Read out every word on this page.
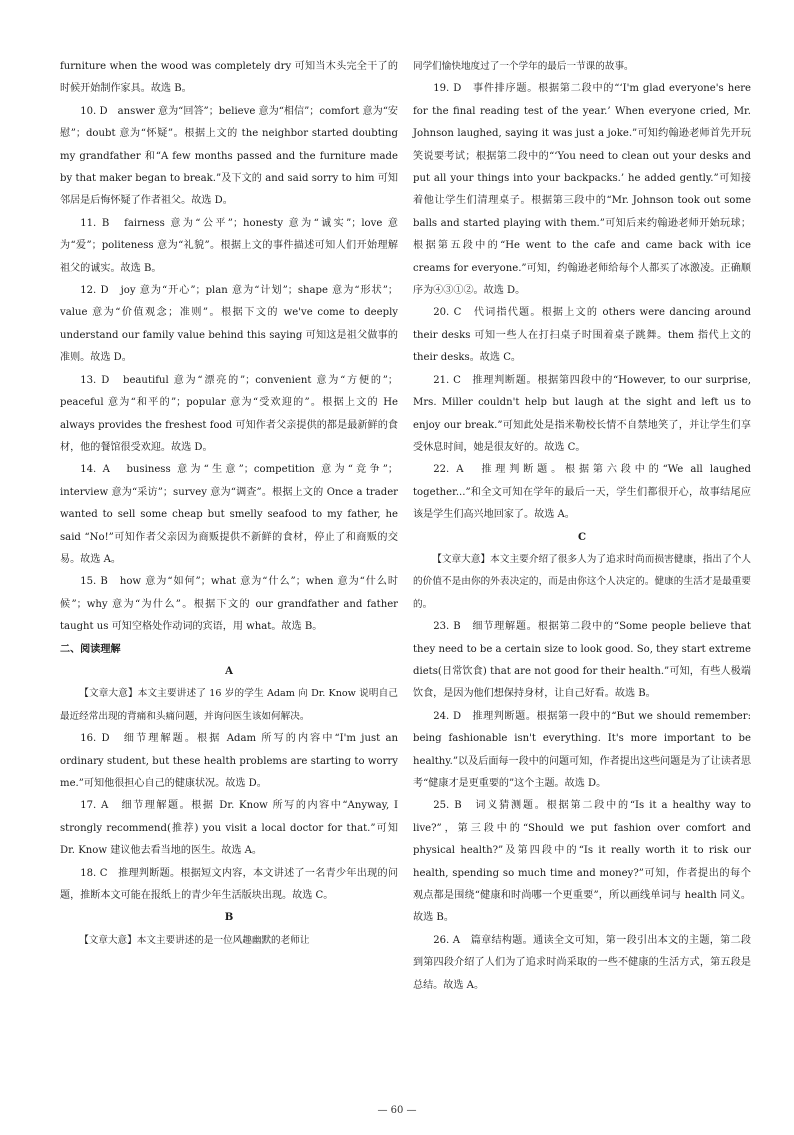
furniture when the wood was completely dry 可知当木头完全干了的时候开始制作家具。故选 B。

10. D　answer 意为“回答”；believe 意为“相信”；comfort 意为“安慰”；doubt 意为“怀疑”。根据上文的 the neighbor started doubting my grandfather 和“A few months passed and the furniture made by that maker began to break.”及下文的 and said sorry to him 可知邻居是后悔怀疑了作者祖父。故选 D。

11. B　fairness 意为“公平”；honesty 意为“诚实”；love 意为“爱”；politeness 意为“礼貌”。根据上文的事件描述可知人们开始理解祖父的诚实。故选 B。

12. D　joy 意为“开心”；plan 意为“计划”；shape 意为“形状”；value 意为“价值观念；准则”。根据下文的 we've come to deeply understand our family value behind this saying 可知这是祖父做事的准则。故选 D。

13. D　beautiful 意为“漂亮的”；convenient 意为“方便的”；peaceful 意为“和平的”；popular 意为“受欢迎的”。根据上文的 He always provides the freshest food 可知作者父亲提供的都是最新鲜的食材，他的餐馆很受欢迎。故选 D。

14. A　business 意为“生意”；competition 意为“竞争”；interview 意为“采访”；survey 意为“调查”。根据上文的 Once a trader wanted to sell some cheap but smelly seafood to my father, he said “No!”可知作者父亲因为商贩提供不新鲜的食材，停止了和商贩的交易。故选 A。

15. B　how 意为“如何”；what 意为“什么”；when 意为“什么时候”；why 意为“为什么”。根据下文的 our grandfather and father taught us 可知空格处作动词的宾语，用 what。故选 B。

二、阅读理解

A

【文章大意】本文主要讲述了 16 岁的学生 Adam 向 Dr. Know 说明自己最近经常出现的背痛和头痛问题，并询问医生该如何解决。

16. D　细节理解题。根据 Adam 所写的内容中“I'm just an ordinary student, but these health problems are starting to worry me.”可知他很担心自己的健康状况。故选 D。

17. A　细节理解题。根据 Dr. Know 所写的内容中“Anyway, I strongly recommend(推荐) you visit a local doctor for that.”可知 Dr. Know 建议他去看当地的医生。故选 A。

18. C　推理判断题。根据短文内容，本文讲述了一名青少年出现的问题，推断本文可能在报纸上的青少年生活版块出现。故选 C。

B

【文章大意】本文主要讲述的是一位风趣幽默的老师让

同学们愉快地度过了一个学年的最后一节课的故事。

19. D　事件排序题。根据第二段中的“‘I'm glad everyone's here for the final reading test of the year.’ When everyone cried, Mr. Johnson laughed, saying it was just a joke.”可知约翰逊老师首先开玩笑说要考试；根据第二段中的“‘You need to clean out your desks and put all your things into your backpacks.’ he added gently.”可知接着他让学生们清理桌子。根据第三段中的“Mr. Johnson took out some balls and started playing with them.”可知后来约翰逊老师开始玩球；根据第五段中的“He went to the cafe and came back with ice creams for everyone.”可知，约翰逊老师给每个人都买了冰激凌。正确顺序为④③①②。故选 D。

20. C　代词指代题。根据上文的 others were dancing around their desks 可知一些人在打扫桌子时围着桌子跳舞。them 指代上文的 their desks。故选 C。

21. C　推理判断题。根据第四段中的“However, to our surprise, Mrs. Miller couldn't help but laugh at the sight and left us to enjoy our break.”可知此处是指米勒校长情不自禁地笑了，并让学生们享受休息时间，她是很友好的。故选 C。

22. A　推理判断题。根据第六段中的“We all laughed together...”和全文可知在学年的最后一天，学生们都很开心，故事结尾应该是学生们高兴地回家了。故选 A。

C

【文章大意】本文主要介绍了很多人为了追求时尚而损害健康，指出了个人的价值不是由你的外表决定的，而是由你这个人决定的。健康的生活才是最重要的。

23. B　细节理解题。根据第二段中的“Some people believe that they need to be a certain size to look good. So, they start extreme diets(日常饮食) that are not good for their health.”可知，有些人极端饮食，是因为他们想保持身材，让自己好看。故选 B。

24. D　推理判断题。根据第一段中的“But we should remember: being fashionable isn't everything. It's more important to be healthy.”以及后面每一段中的问题可知，作者提出这些问题是为了让读者思考“健康才是更重要的”这个主题。故选 D。

25. B　词义猜测题。根据第二段中的“Is it a healthy way to live?”，第三段中的“Should we put fashion over comfort and physical health?”及第四段中的“Is it really worth it to risk our health, spending so much time and money?”可知，作者提出的每个观点都是围绕“健康和时尚哪一个更重要”，所以画线单词与 health 同义。故选 B。

26. A　篇章结构题。通读全文可知，第一段引出本文的主题，第二段到第四段介绍了人们为了追求时尚采取的一些不健康的生活方式，第五段是总结。故选 A。

— 60 —
